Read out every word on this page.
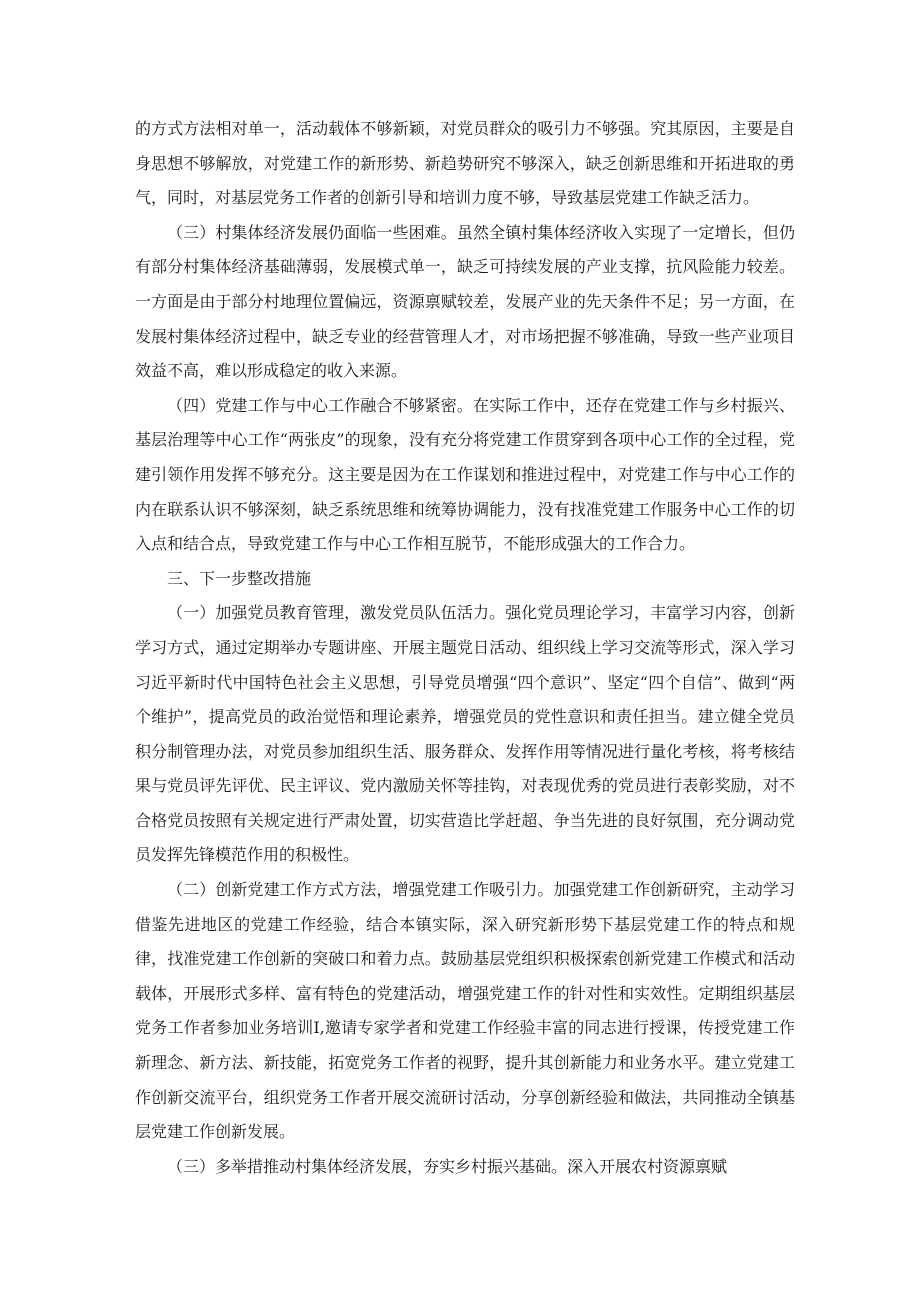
的方式方法相对单一，活动载体不够新颖，对党员群众的吸引力不够强。究其原因，主要是自身思想不够解放，对党建工作的新形势、新趋势研究不够深入，缺乏创新思维和开拓进取的勇气，同时，对基层党务工作者的创新引导和培训力度不够，导致基层党建工作缺乏活力。

（三）村集体经济发展仍面临一些困难。虽然全镇村集体经济收入实现了一定增长，但仍有部分村集体经济基础薄弱，发展模式单一，缺乏可持续发展的产业支撑，抗风险能力较差。一方面是由于部分村地理位置偏远，资源禀赋较差，发展产业的先天条件不足；另一方面，在发展村集体经济过程中，缺乏专业的经营管理人才，对市场把握不够准确，导致一些产业项目效益不高，难以形成稳定的收入来源。

（四）党建工作与中心工作融合不够紧密。在实际工作中，还存在党建工作与乡村振兴、基层治理等中心工作“两张皮”的现象，没有充分将党建工作贯穿到各项中心工作的全过程，党建引领作用发挥不够充分。这主要是因为在工作谋划和推进过程中，对党建工作与中心工作的内在联系认识不够深刻，缺乏系统思维和统筹协调能力，没有找准党建工作服务中心工作的切入点和结合点，导致党建工作与中心工作相互脱节，不能形成强大的工作合力。

三、下一步整改措施

（一）加强党员教育管理，激发党员队伍活力。强化党员理论学习，丰富学习内容，创新学习方式，通过定期举办专题讲座、开展主题党日活动、组织线上学习交流等形式，深入学习习近平新时代中国特色社会主义思想，引导党员增强“四个意识”、坚定“四个自信”、做到“两个维护”，提高党员的政治觉悟和理论素养，增强党员的党性意识和责任担当。建立健全党员积分制管理办法，对党员参加组织生活、服务群众、发挥作用等情况进行量化考核，将考核结果与党员评先评优、民主评议、党内激励关怀等挂钩，对表现优秀的党员进行表彰奖励，对不合格党员按照有关规定进行严肃处置，切实营造比学赶超、争当先进的良好氛围，充分调动党员发挥先锋模范作用的积极性。

（二）创新党建工作方式方法，增强党建工作吸引力。加强党建工作创新研究，主动学习借鉴先进地区的党建工作经验，结合本镇实际，深入研究新形势下基层党建工作的特点和规律，找准党建工作创新的突破口和着力点。鼓励基层党组织积极探索创新党建工作模式和活动载体，开展形式多样、富有特色的党建活动，增强党建工作的针对性和实效性。定期组织基层党务工作者参加业务培训I,邀请专家学者和党建工作经验丰富的同志进行授课，传授党建工作新理念、新方法、新技能，拓宽党务工作者的视野，提升其创新能力和业务水平。建立党建工作创新交流平台，组织党务工作者开展交流研讨活动，分享创新经验和做法，共同推动全镇基层党建工作创新发展。

（三）多举措推动村集体经济发展，夯实乡村振兴基础。深入开展农村资源禀赋
